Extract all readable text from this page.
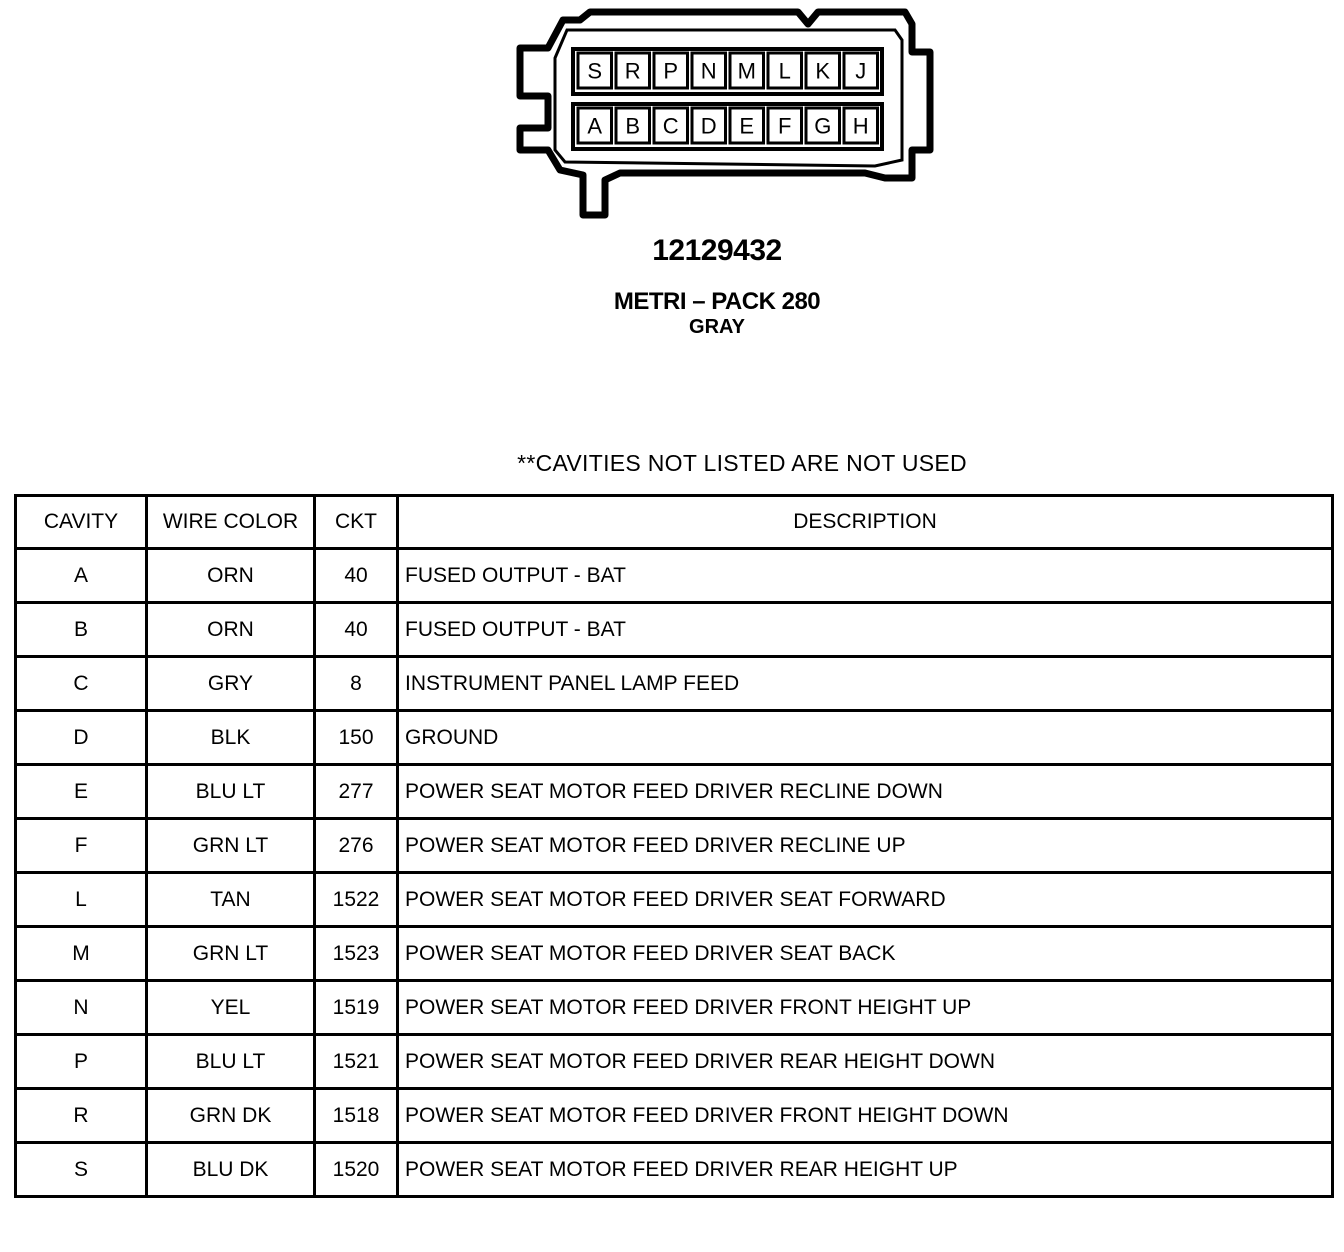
S R P N M L K J
A B C D E F G H
12129432
METRI – PACK 280
GRAY
**CAVITIES NOT LISTED ARE NOT USED
CAVITY	WIRE COLOR	CKT	DESCRIPTION
A	ORN	40	FUSED OUTPUT - BAT
B	ORN	40	FUSED OUTPUT - BAT
C	GRY	8	INSTRUMENT PANEL LAMP FEED
D	BLK	150	GROUND
E	BLU LT	277	POWER SEAT MOTOR FEED DRIVER RECLINE DOWN
F	GRN LT	276	POWER SEAT MOTOR FEED DRIVER RECLINE UP
L	TAN	1522	POWER SEAT MOTOR FEED DRIVER SEAT FORWARD
M	GRN LT	1523	POWER SEAT MOTOR FEED DRIVER SEAT BACK
N	YEL	1519	POWER SEAT MOTOR FEED DRIVER FRONT HEIGHT UP
P	BLU LT	1521	POWER SEAT MOTOR FEED DRIVER REAR HEIGHT DOWN
R	GRN DK	1518	POWER SEAT MOTOR FEED DRIVER FRONT HEIGHT DOWN
S	BLU DK	1520	POWER SEAT MOTOR FEED DRIVER REAR HEIGHT UP
